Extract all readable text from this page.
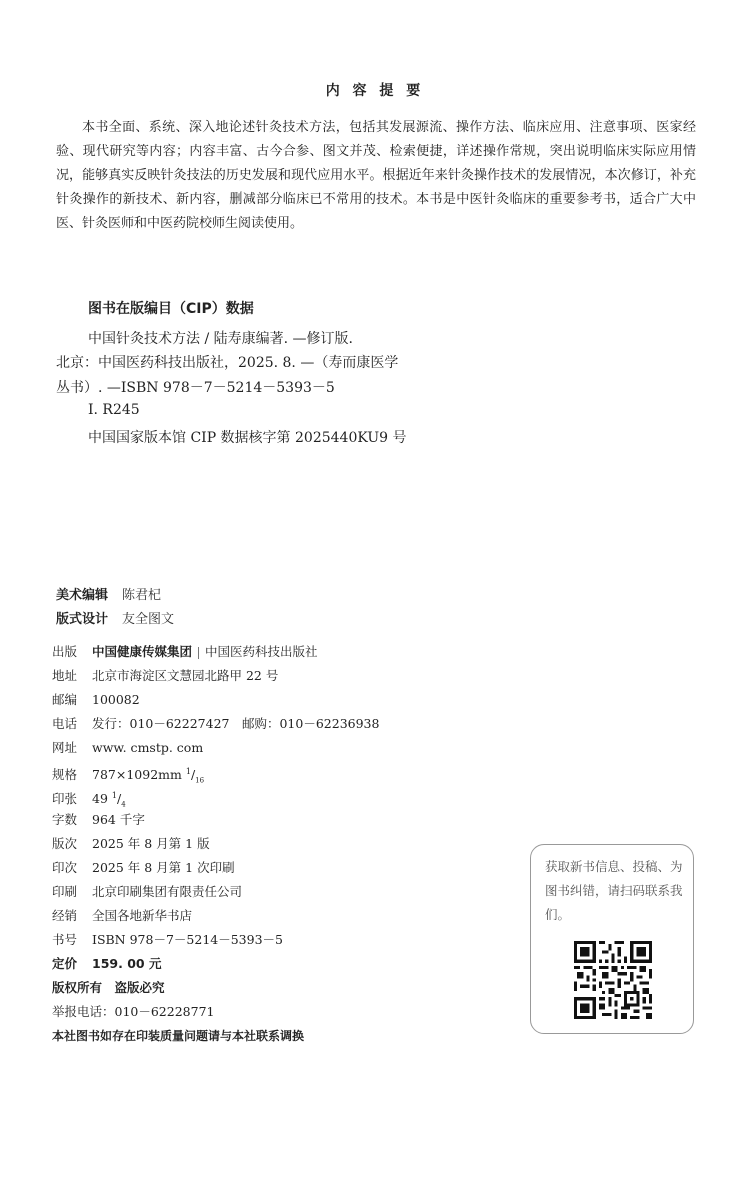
内 容 提 要
本书全面、系统、深入地论述针灸技术方法，包括其发展源流、操作方法、临床应用、注意事项、医家经验、现代研究等内容；内容丰富、古今合参、图文并茂、检索便捷，详述操作常规，突出说明临床实际应用情况，能够真实反映针灸技法的历史发展和现代应用水平。根据近年来针灸操作技术的发展情况，本次修订，补充针灸操作的新技术、新内容，删减部分临床已不常用的技术。本书是中医针灸临床的重要参考书，适合广大中医、针灸医师和中医药院校师生阅读使用。
图书在版编目（CIP）数据
中国针灸技术方法 / 陆寿康编著. —修订版.
北京：中国医药科技出版社，2025. 8. —（寿而康医学
丛书）. —ISBN 978－7－5214－5393－5
Ⅰ. R245
中国国家版本馆 CIP 数据核字第 2025440KU9 号
美术编辑 陈君杞
版式设计 友全图文
出版 中国健康传媒集团 中国医药科技出版社
地址 北京市海淀区文慧园北路甲 22 号
邮编 100082
电话 发行：010－62227427　邮购：010－62236938
网址 www. cmstp. com
规格 787×1092mm $^1/_{16}$
印张 49 $^1/_4$
字数 964 千字
版次 2025 年 8 月第 1 版
印次 2025 年 8 月第 1 次印刷
印刷 北京印刷集团有限责任公司
经销 全国各地新华书店
书号 ISBN 978－7－5214－5393－5
定价 159. 00 元
版权所有　盗版必究
举报电话：010－62228771
本社图书如存在印装质量问题请与本社联系调换
获取新书信息、投稿、为图书纠错，请扫码联系我们。
